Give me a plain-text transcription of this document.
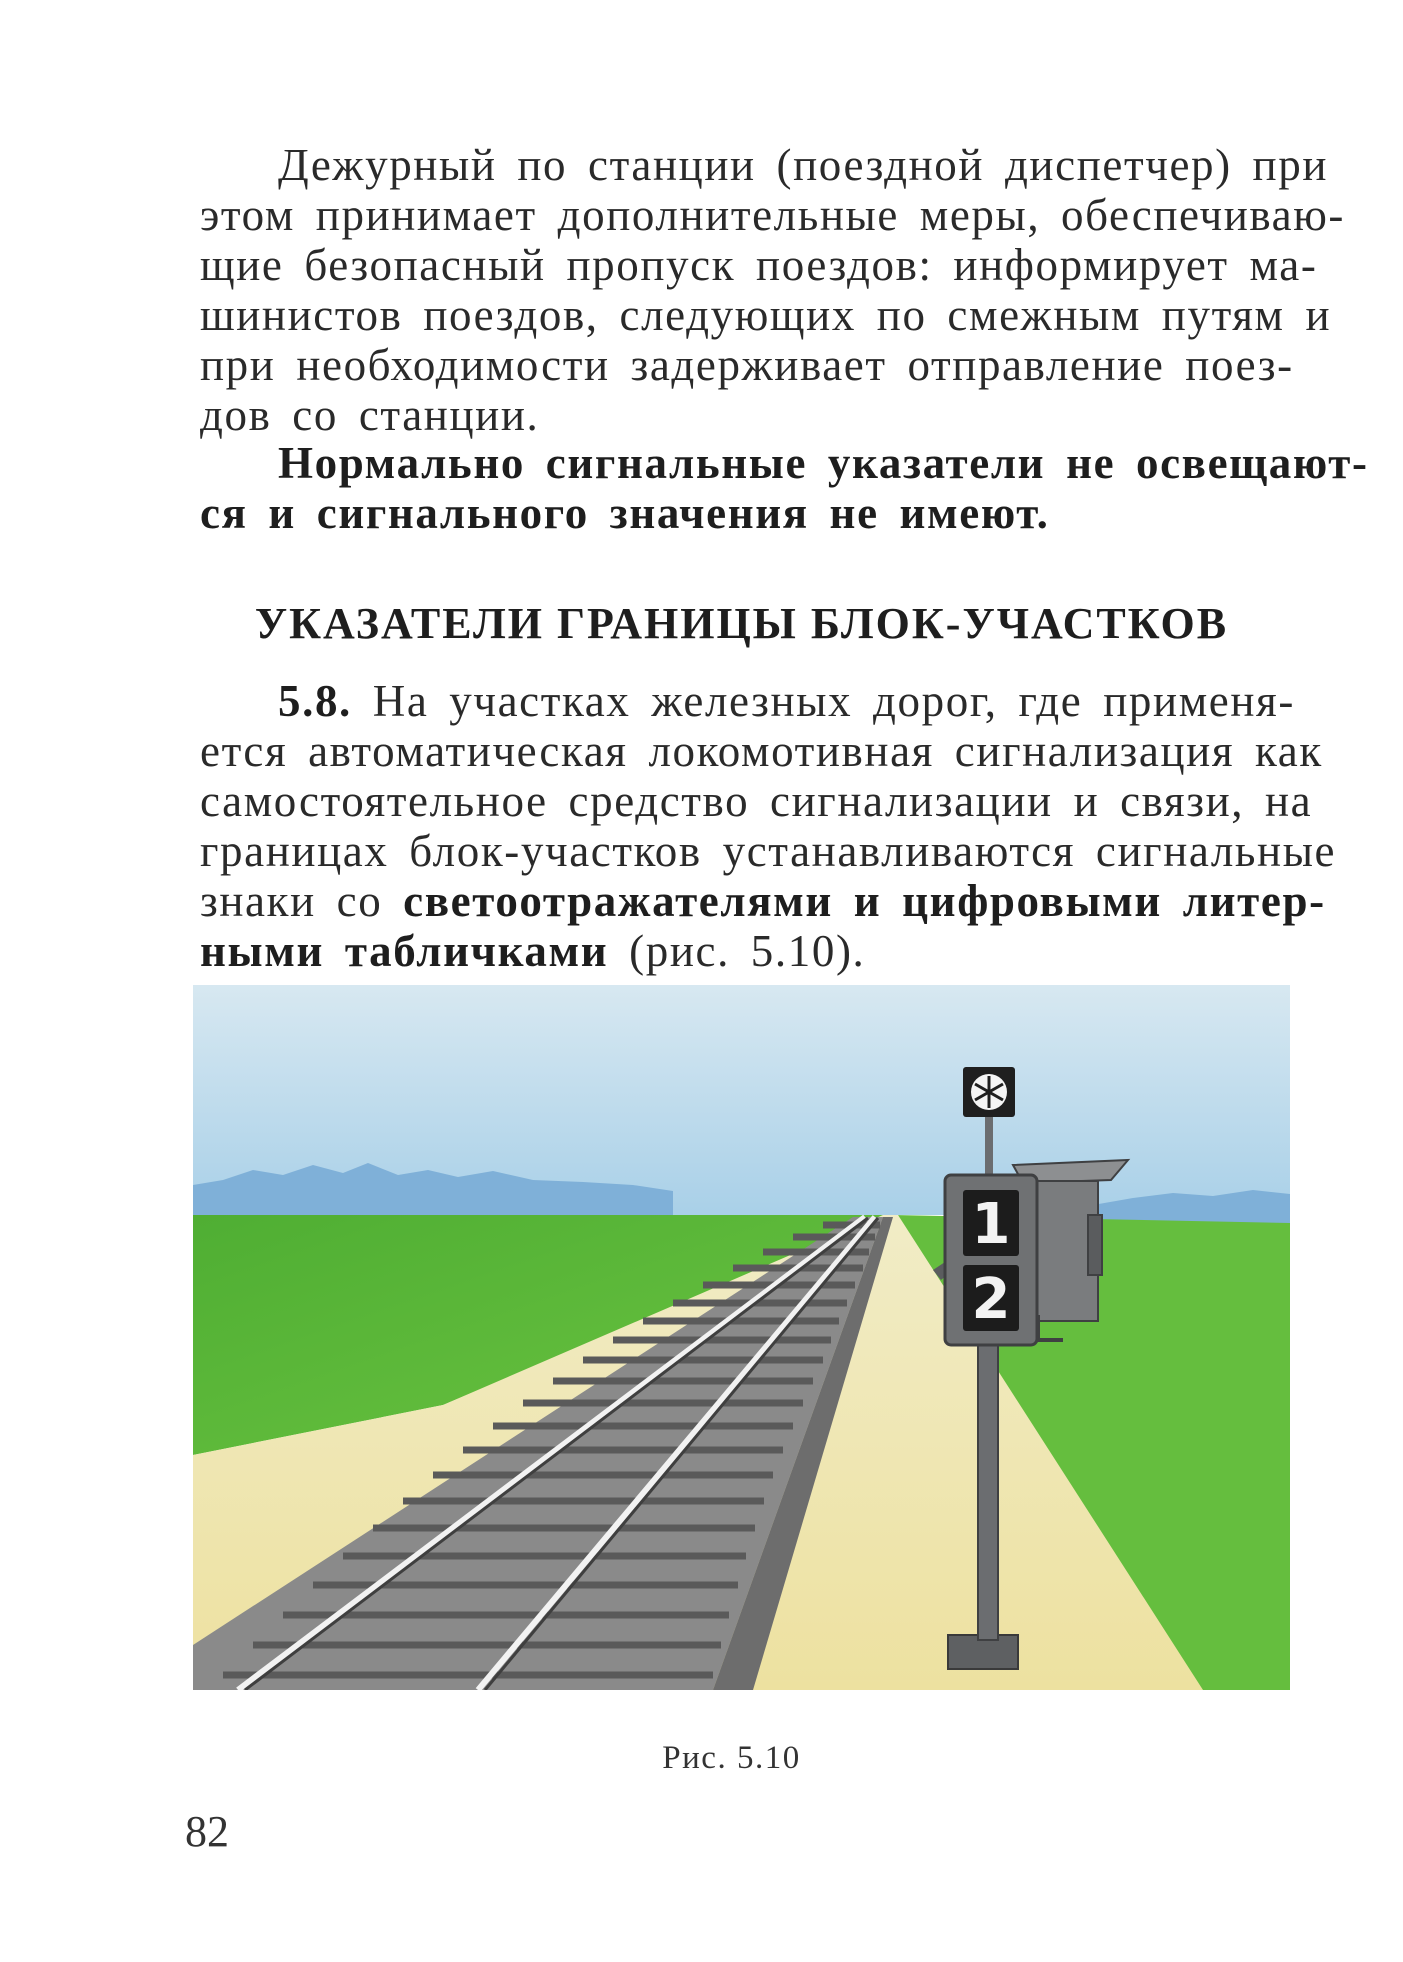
Дежурный по станции (поездной диспетчер) при
этом принимает дополнительные меры, обеспечиваю-
щие безопасный пропуск поездов: информирует ма-
шинистов поездов, следующих по смежным путям и
при необходимости задерживает отправление поез-
дов со станции.
Нормально сигнальные указатели не освещают-
ся и сигнального значения не имеют.
УКАЗАТЕЛИ ГРАНИЦЫ БЛОК-УЧАСТКОВ
5.8. На участках железных дорог, где применя-
ется автоматическая локомотивная сигнализация как
самостоятельное средство сигнализации и связи, на
границах блок-участков устанавливаются сигнальные
знаки со светоотражателями и цифровыми литер-
ными табличками (рис. 5.10).
1
2
Рис. 5.10
82
